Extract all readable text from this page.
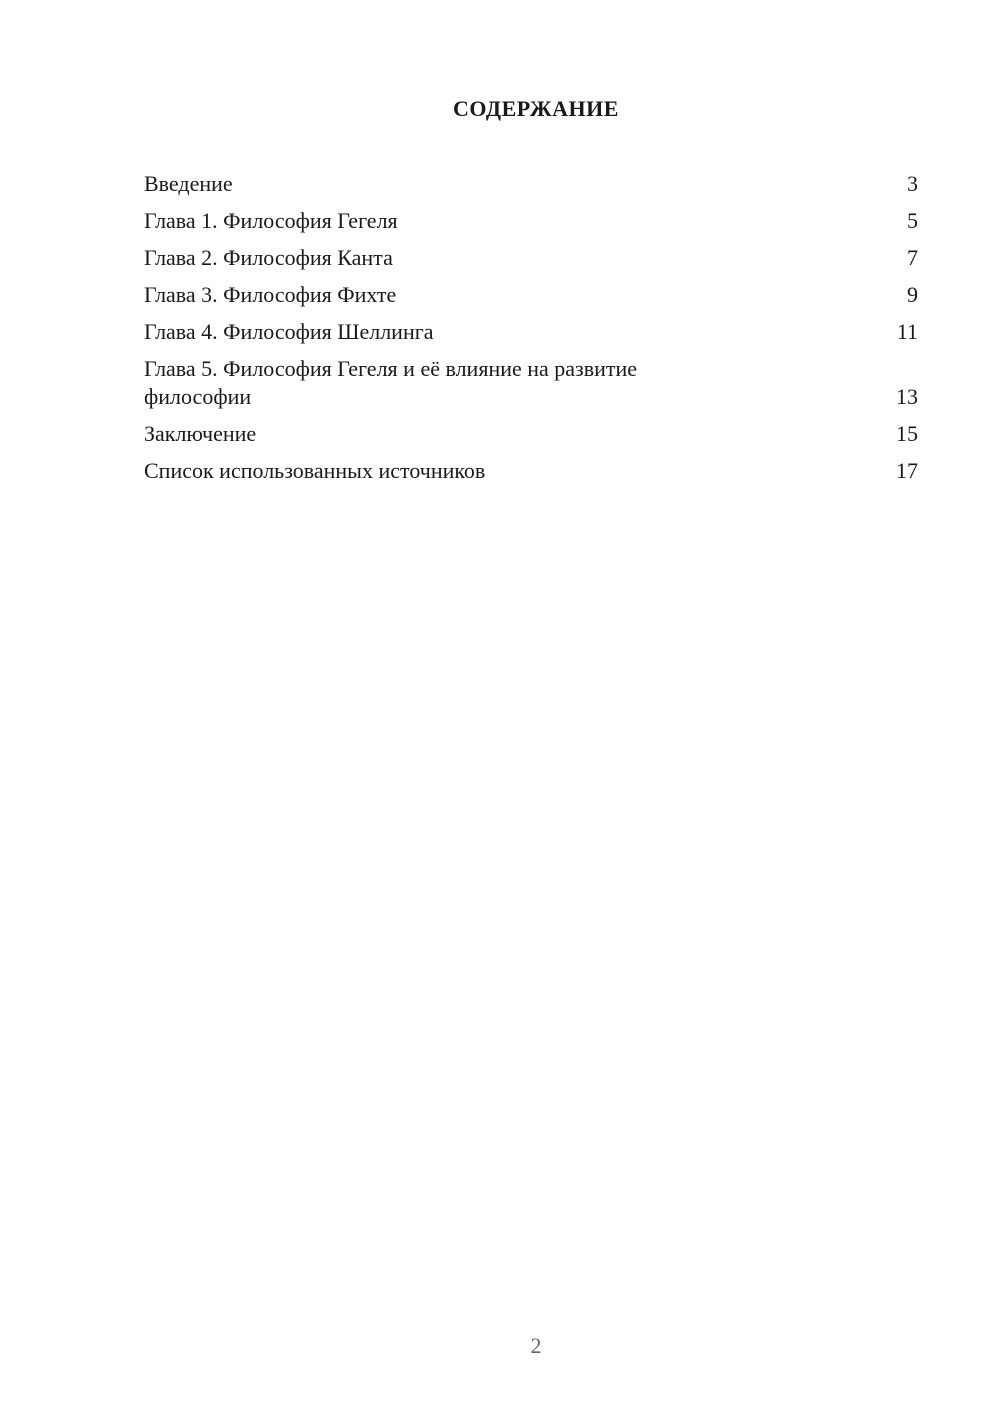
СОДЕРЖАНИЕ
Введение	3
Глава 1. Философия Гегеля	5
Глава 2. Философия Канта	7
Глава 3. Философия Фихте	9
Глава 4. Философия Шеллинга	11
Глава 5. Философия Гегеля и её влияние на развитие философии	13
Заключение	15
Список использованных источников	17
2
